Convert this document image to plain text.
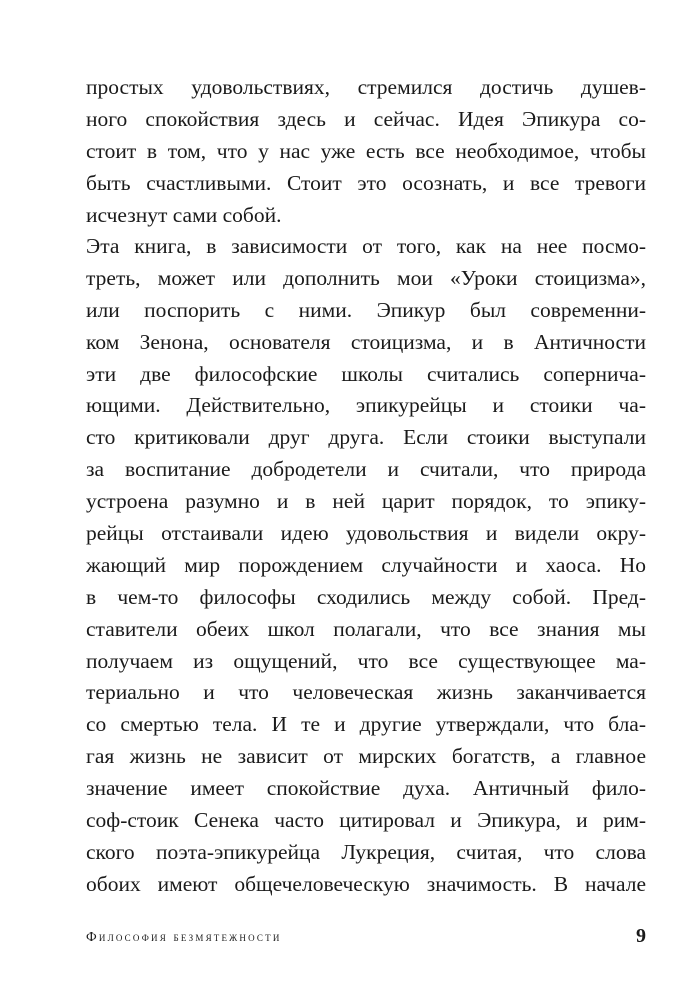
простых удовольствиях, стремился достичь душев-
ного спокойствия здесь и сейчас. Идея Эпикура со-
стоит в том, что у нас уже есть все необходимое, чтобы
быть счастливыми. Стоит это осознать, и все тревоги
исчезнут сами собой.
Эта книга, в зависимости от того, как на нее посмо-
треть, может или дополнить мои «Уроки стоицизма»,
или поспорить с ними. Эпикур был современни-
ком Зенона, основателя стоицизма, и в Античности
эти две философские школы считались сопернича-
ющими. Действительно, эпикурейцы и стоики ча-
сто критиковали друг друга. Если стоики выступали
за воспитание добродетели и считали, что природа
устроена разумно и в ней царит порядок, то эпику-
рейцы отстаивали идею удовольствия и видели окру-
жающий мир порождением случайности и хаоса. Но
в чем-то философы сходились между собой. Пред-
ставители обеих школ полагали, что все знания мы
получаем из ощущений, что все существующее ма-
териально и что человеческая жизнь заканчивается
со смертью тела. И те и другие утверждали, что бла-
гая жизнь не зависит от мирских богатств, а главное
значение имеет спокойствие духа. Античный фило-
соф-стоик Сенека часто цитировал и Эпикура, и рим-
ского поэта-эпикурейца Лукреция, считая, что слова
обоих имеют общечеловеческую значимость. В начале
Философия безмятежности	9
